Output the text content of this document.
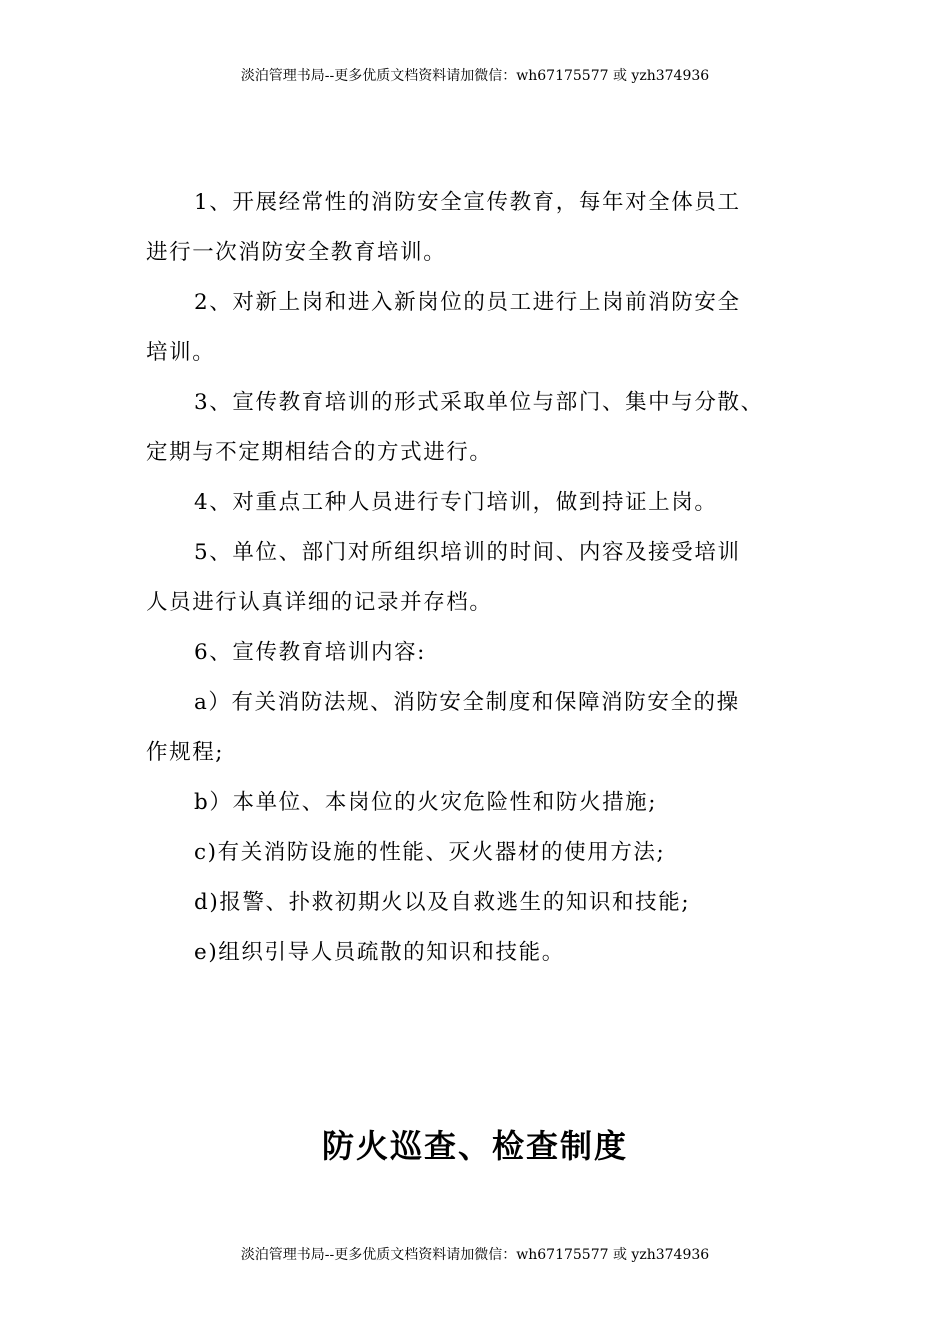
淡泊管理书局--更多优质文档资料请加微信：wh67175577 或 yzh374936
1、开展经常性的消防安全宣传教育，每年对全体员工
进行一次消防安全教育培训。
2、对新上岗和进入新岗位的员工进行上岗前消防安全
培训。
3、宣传教育培训的形式采取单位与部门、集中与分散、
定期与不定期相结合的方式进行。
4、对重点工种人员进行专门培训，做到持证上岗。
5、单位、部门对所组织培训的时间、内容及接受培训
人员进行认真详细的记录并存档。
6、宣传教育培训内容:
a）有关消防法规、消防安全制度和保障消防安全的操
作规程;
b）本单位、本岗位的火灾危险性和防火措施;
c)有关消防设施的性能、灭火器材的使用方法;
d)报警、扑救初期火以及自救逃生的知识和技能;
e)组织引导人员疏散的知识和技能。
防火巡查、检查制度
淡泊管理书局--更多优质文档资料请加微信：wh67175577 或 yzh374936
